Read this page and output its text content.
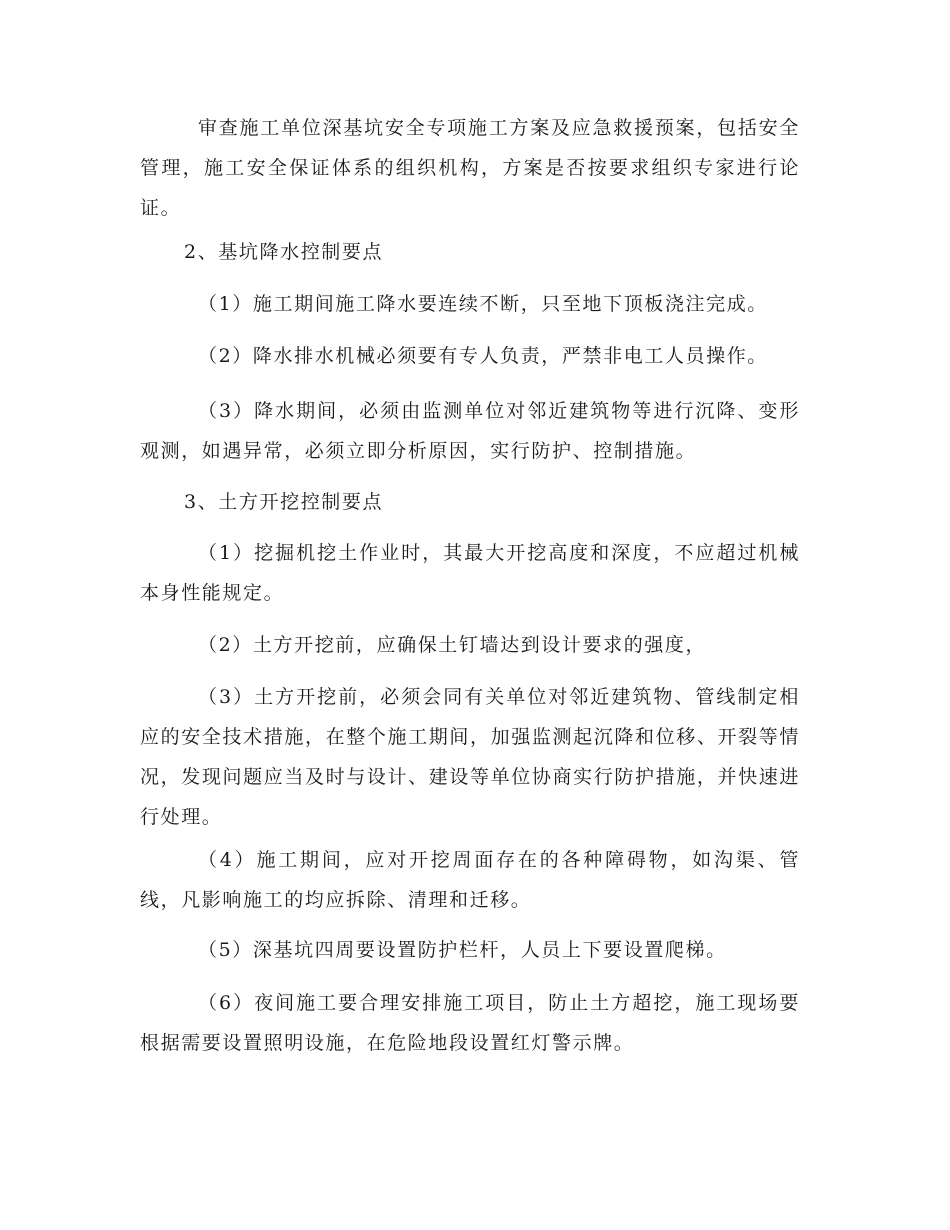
审查施工单位深基坑安全专项施工方案及应急救援预案，包括安全管理，施工安全保证体系的组织机构，方案是否按要求组织专家进行论证。

2、基坑降水控制要点

（1）施工期间施工降水要连续不断，只至地下顶板浇注完成。

（2）降水排水机械必须要有专人负责，严禁非电工人员操作。

（3）降水期间，必须由监测单位对邻近建筑物等进行沉降、变形观测，如遇异常，必须立即分析原因，实行防护、控制措施。

3、土方开挖控制要点

（1）挖掘机挖土作业时，其最大开挖高度和深度，不应超过机械本身性能规定。

（2）土方开挖前，应确保土钉墙达到设计要求的强度，

（3）土方开挖前，必须会同有关单位对邻近建筑物、管线制定相应的安全技术措施，在整个施工期间，加强监测起沉降和位移、开裂等情况，发现问题应当及时与设计、建设等单位协商实行防护措施，并快速进行处理。

（4）施工期间，应对开挖周面存在的各种障碍物，如沟渠、管线，凡影响施工的均应拆除、清理和迁移。

（5）深基坑四周要设置防护栏杆，人员上下要设置爬梯。

（6）夜间施工要合理安排施工项目，防止土方超挖，施工现场要根据需要设置照明设施，在危险地段设置红灯警示牌。
